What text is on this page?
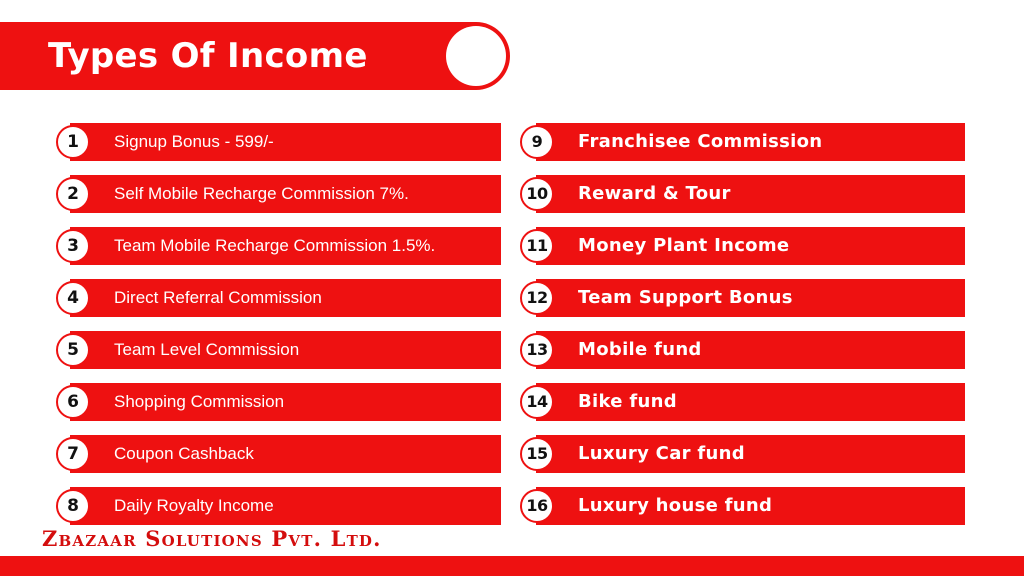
Types Of Income
1	Signup Bonus - 599/-
2	Self Mobile Recharge Commission 7%.
3	Team Mobile Recharge Commission 1.5%.
4	Direct Referral Commission
5	Team Level Commission
6	Shopping Commission
7	Coupon Cashback
8	Daily Royalty Income
9	Franchisee Commission
10	Reward & Tour
11	Money Plant Income
12	Team Support Bonus
13	Mobile fund
14	Bike fund
15	Luxury Car fund
16	Luxury house fund
Zbazaar Solutions Pvt. Ltd.
